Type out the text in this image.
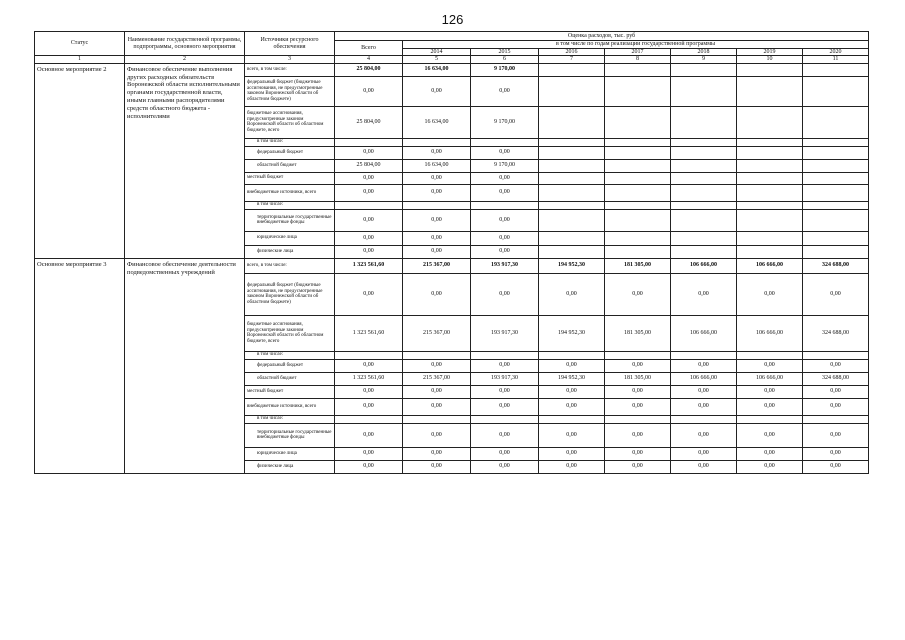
126
Статус	Наименование государственной программы, подпрограммы, основного мероприятия	Источники ресурсного обеспечения	Оценка расходов, тыс. руб							
			Всего	в том числе по годам реализации государственной программы						
				2014	2015	2016	2017	2018	2019	2020
1	2	3	4	5	6	7	8	9	10	11
Основное мероприятие 2	Финансовое обеспечение выполнения других расходных обязательств Воронежской области исполнительными органами государственной власти, иными главными распорядителями средств областного бюджета - исполнителями	всего, в том числе:	25 804,00	16 634,00	9 170,00					
		федеральный бюджет (бюджетные ассигнования, не предусмотренные законом Воронежской области об областном бюджете)	0,00	0,00	0,00					
		бюджетные ассигнования, предусмотренные законом Воронежской области об областном бюджете, всего	25 804,00	16 634,00	9 170,00					
		в том числе:								
		федеральный бюджет	0,00	0,00	0,00					
		областной бюджет	25 804,00	16 634,00	9 170,00					
		местный бюджет	0,00	0,00	0,00					
		внебюджетные источники, всего	0,00	0,00	0,00					
		в том числе:								
		территориальные государственные внебюджетные фонды	0,00	0,00	0,00					
		юридические лица	0,00	0,00	0,00					
		физические лица	0,00	0,00	0,00					
Основное мероприятие 3	Финансовое обеспечение деятельности подведомственных учреждений	всего, в том числе:	1 323 561,60	215 367,00	193 917,30	194 952,30	181 305,00	106 666,00	106 666,00	324 688,00
		федеральный бюджет (бюджетные ассигнования, не предусмотренные законом Воронежской области об областном бюджете)	0,00	0,00	0,00	0,00	0,00	0,00	0,00	0,00
		бюджетные ассигнования, предусмотренные законом Воронежской области об областном бюджете, всего	1 323 561,60	215 367,00	193 917,30	194 952,30	181 305,00	106 666,00	106 666,00	324 688,00
		в том числе:								
		федеральный бюджет	0,00	0,00	0,00	0,00	0,00	0,00	0,00	0,00
		областной бюджет	1 323 561,60	215 367,00	193 917,30	194 952,30	181 305,00	106 666,00	106 666,00	324 688,00
		местный бюджет	0,00	0,00	0,00	0,00	0,00	0,00	0,00	0,00
		внебюджетные источники, всего	0,00	0,00	0,00	0,00	0,00	0,00	0,00	0,00
		в том числе:								
		территориальные государственные внебюджетные фонды	0,00	0,00	0,00	0,00	0,00	0,00	0,00	0,00
		юридические лица	0,00	0,00	0,00	0,00	0,00	0,00	0,00	0,00
		физические лица	0,00	0,00	0,00	0,00	0,00	0,00	0,00	0,00
